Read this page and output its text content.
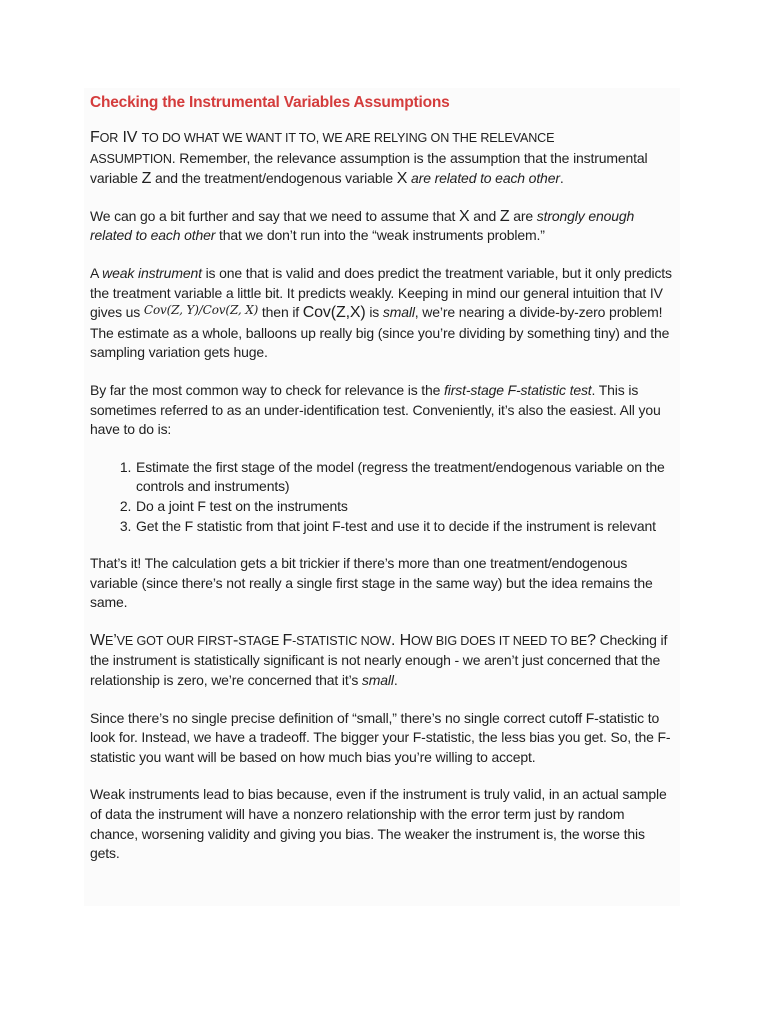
Checking the Instrumental Variables Assumptions

FOR IV TO DO WHAT WE WANT IT TO, WE ARE RELYING ON THE RELEVANCE
ASSUMPTION. Remember, the relevance assumption is the assumption that the instrumental variable Z and the treatment/endogenous variable X are related to each other.

We can go a bit further and say that we need to assume that X and Z are strongly enough related to each other that we don’t run into the “weak instruments problem.”

A weak instrument is one that is valid and does predict the treatment variable, but it only predicts the treatment variable a little bit. It predicts weakly. Keeping in mind our general intuition that IV gives us Cov(Z, Y)/Cov(Z, X) then if Cov(Z,X) is small, we’re nearing a divide-by-zero problem! The estimate as a whole, balloons up really big (since you’re dividing by something tiny) and the sampling variation gets huge.

By far the most common way to check for relevance is the first-stage F-statistic test. This is sometimes referred to as an under-identification test. Conveniently, it’s also the easiest. All you have to do is:

1. Estimate the first stage of the model (regress the treatment/endogenous variable on the controls and instruments)
2. Do a joint F test on the instruments
3. Get the F statistic from that joint F-test and use it to decide if the instrument is relevant

That’s it! The calculation gets a bit trickier if there’s more than one treatment/endogenous variable (since there’s not really a single first stage in the same way) but the idea remains the same.

WE’VE GOT OUR FIRST-STAGE F-STATISTIC NOW. HOW BIG DOES IT NEED TO BE? Checking if the instrument is statistically significant is not nearly enough - we aren’t just concerned that the relationship is zero, we’re concerned that it’s small.

Since there’s no single precise definition of “small,” there’s no single correct cutoff F-statistic to look for. Instead, we have a tradeoff. The bigger your F-statistic, the less bias you get. So, the F-statistic you want will be based on how much bias you’re willing to accept.

Weak instruments lead to bias because, even if the instrument is truly valid, in an actual sample of data the instrument will have a nonzero relationship with the error term just by random chance, worsening validity and giving you bias. The weaker the instrument is, the worse this gets.
